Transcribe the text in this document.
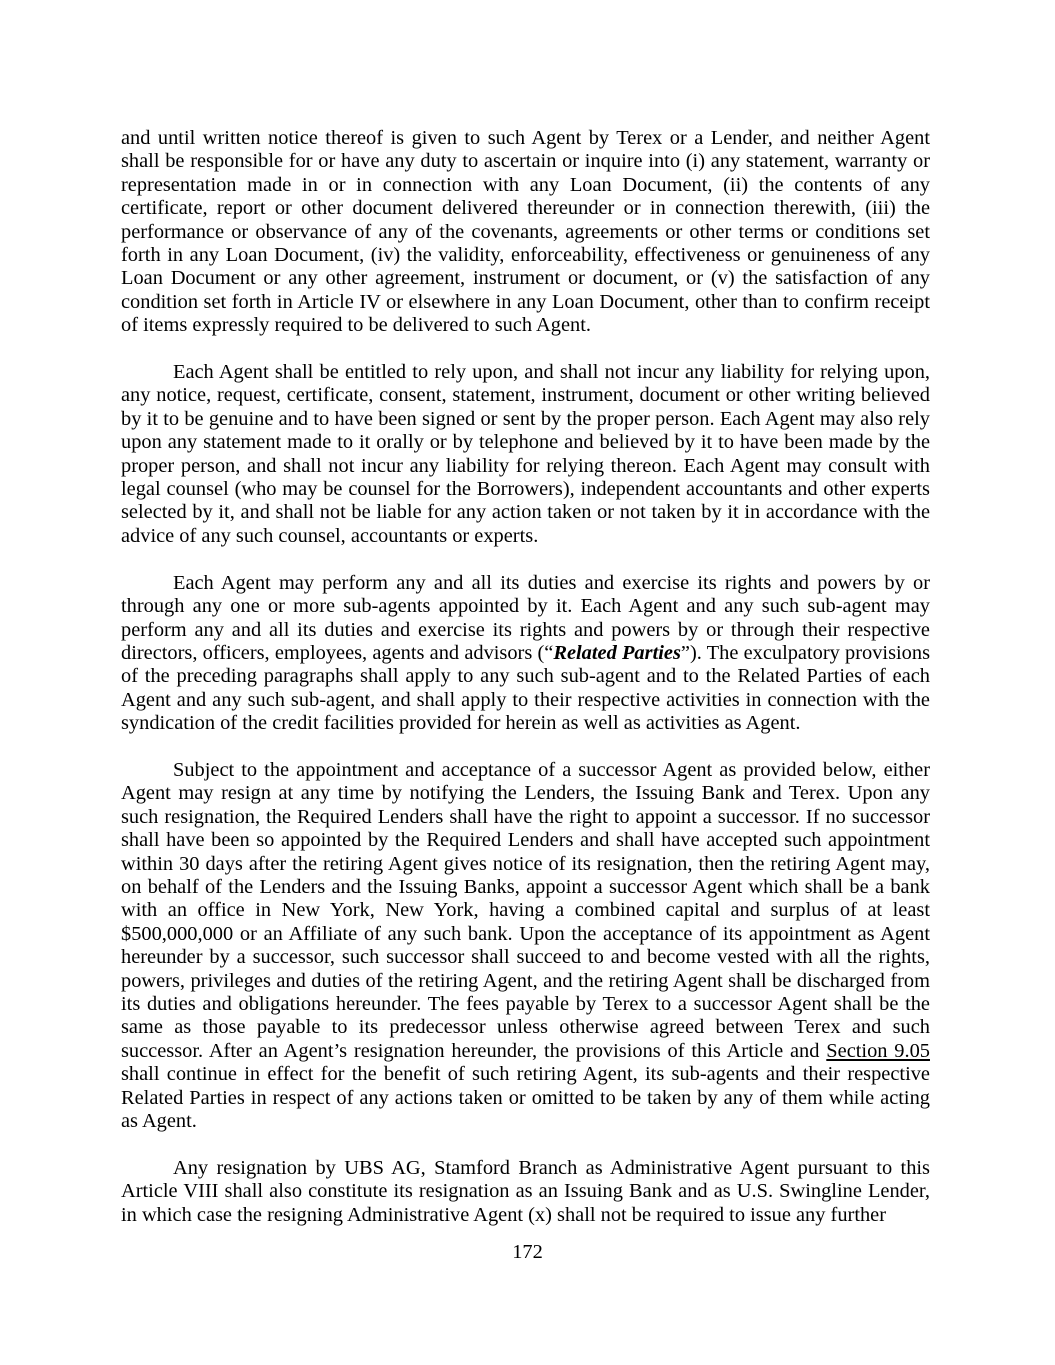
and until written notice thereof is given to such Agent by Terex or a Lender, and neither Agent shall be responsible for or have any duty to ascertain or inquire into (i) any statement, warranty or representation made in or in connection with any Loan Document, (ii) the contents of any certificate, report or other document delivered thereunder or in connection therewith, (iii) the performance or observance of any of the covenants, agreements or other terms or conditions set forth in any Loan Document, (iv) the validity, enforceability, effectiveness or genuineness of any Loan Document or any other agreement, instrument or document, or (v) the satisfaction of any condition set forth in Article IV or elsewhere in any Loan Document, other than to confirm receipt of items expressly required to be delivered to such Agent.

Each Agent shall be entitled to rely upon, and shall not incur any liability for relying upon, any notice, request, certificate, consent, statement, instrument, document or other writing believed by it to be genuine and to have been signed or sent by the proper person. Each Agent may also rely upon any statement made to it orally or by telephone and believed by it to have been made by the proper person, and shall not incur any liability for relying thereon. Each Agent may consult with legal counsel (who may be counsel for the Borrowers), independent accountants and other experts selected by it, and shall not be liable for any action taken or not taken by it in accordance with the advice of any such counsel, accountants or experts.

Each Agent may perform any and all its duties and exercise its rights and powers by or through any one or more sub-agents appointed by it. Each Agent and any such sub-agent may perform any and all its duties and exercise its rights and powers by or through their respective directors, officers, employees, agents and advisors (“Related Parties”). The exculpatory provisions of the preceding paragraphs shall apply to any such sub-agent and to the Related Parties of each Agent and any such sub-agent, and shall apply to their respective activities in connection with the syndication of the credit facilities provided for herein as well as activities as Agent.

Subject to the appointment and acceptance of a successor Agent as provided below, either Agent may resign at any time by notifying the Lenders, the Issuing Bank and Terex. Upon any such resignation, the Required Lenders shall have the right to appoint a successor. If no successor shall have been so appointed by the Required Lenders and shall have accepted such appointment within 30 days after the retiring Agent gives notice of its resignation, then the retiring Agent may, on behalf of the Lenders and the Issuing Banks, appoint a successor Agent which shall be a bank with an office in New York, New York, having a combined capital and surplus of at least $500,000,000 or an Affiliate of any such bank. Upon the acceptance of its appointment as Agent hereunder by a successor, such successor shall succeed to and become vested with all the rights, powers, privileges and duties of the retiring Agent, and the retiring Agent shall be discharged from its duties and obligations hereunder. The fees payable by Terex to a successor Agent shall be the same as those payable to its predecessor unless otherwise agreed between Terex and such successor. After an Agent’s resignation hereunder, the provisions of this Article and Section 9.05 shall continue in effect for the benefit of such retiring Agent, its sub-agents and their respective Related Parties in respect of any actions taken or omitted to be taken by any of them while acting as Agent.

Any resignation by UBS AG, Stamford Branch as Administrative Agent pursuant to this Article VIII shall also constitute its resignation as an Issuing Bank and as U.S. Swingline Lender, in which case the resigning Administrative Agent (x) shall not be required to issue any further

172
